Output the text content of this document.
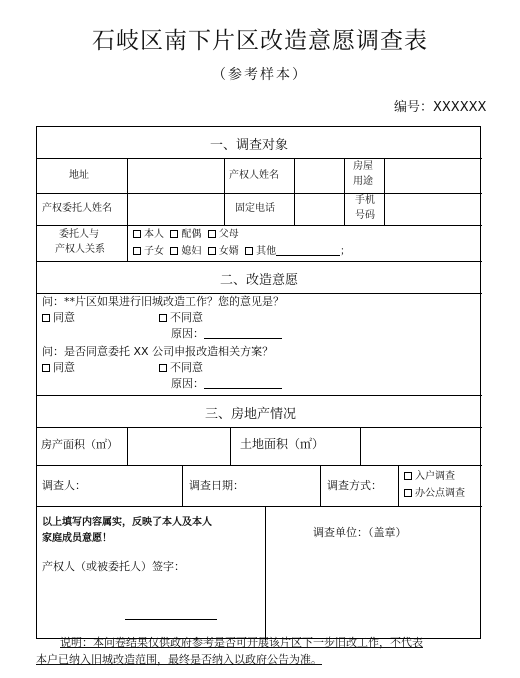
石岐区南下片区改造意愿调查表
（参考样本）
编号：XXXXXX
一、调查对象
地址	产权人姓名
房屋
用途
产权委托人姓名	固定电话
手机
号码
委托人与
产权人关系
本人 配偶 父母
子女 媳妇 女婿 其他	；
二、改造意愿
问：**片区如果进行旧城改造工作？您的意见是？
同意	不同意
原因：
问：是否同意委托 XX 公司申报改造相关方案？
同意	不同意
原因：
三、房地产情况
房产面积（㎡）	土地面积（㎡）
调查人：	调查日期：	调查方式：
入户调查
办公点调查
以上填写内容属实，反映了本人及本人
家庭成员意愿！
产权人（或被委托人）签字：
调查单位：（盖章）
说明：本问卷结果仅供政府参考是否可开展该片区下一步旧改工作，不代表
本户已纳入旧城改造范围，最终是否纳入以政府公告为准。
